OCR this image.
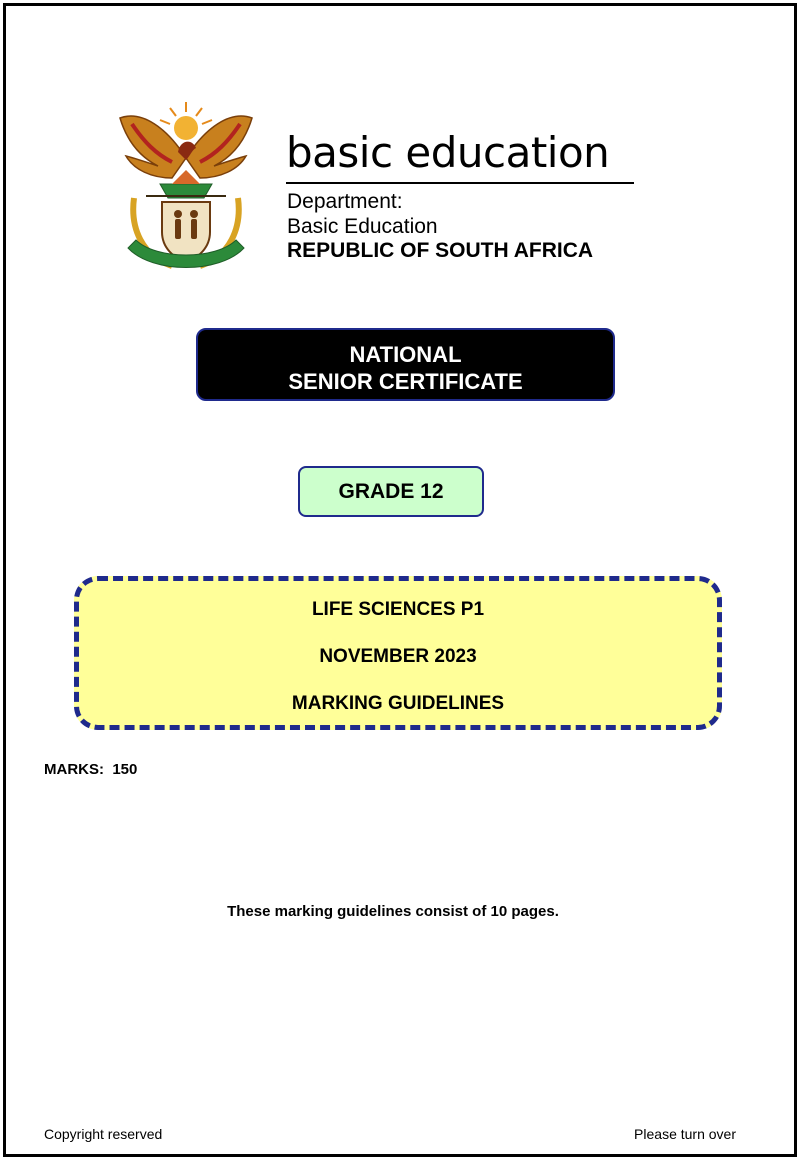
basic education
Department:
Basic Education
REPUBLIC OF SOUTH AFRICA
NATIONAL
SENIOR CERTIFICATE
GRADE 12
LIFE SCIENCES P1
NOVEMBER 2023
MARKING GUIDELINES
MARKS:  150
These marking guidelines consist of 10 pages.
Copyright reserved	Please turn over
